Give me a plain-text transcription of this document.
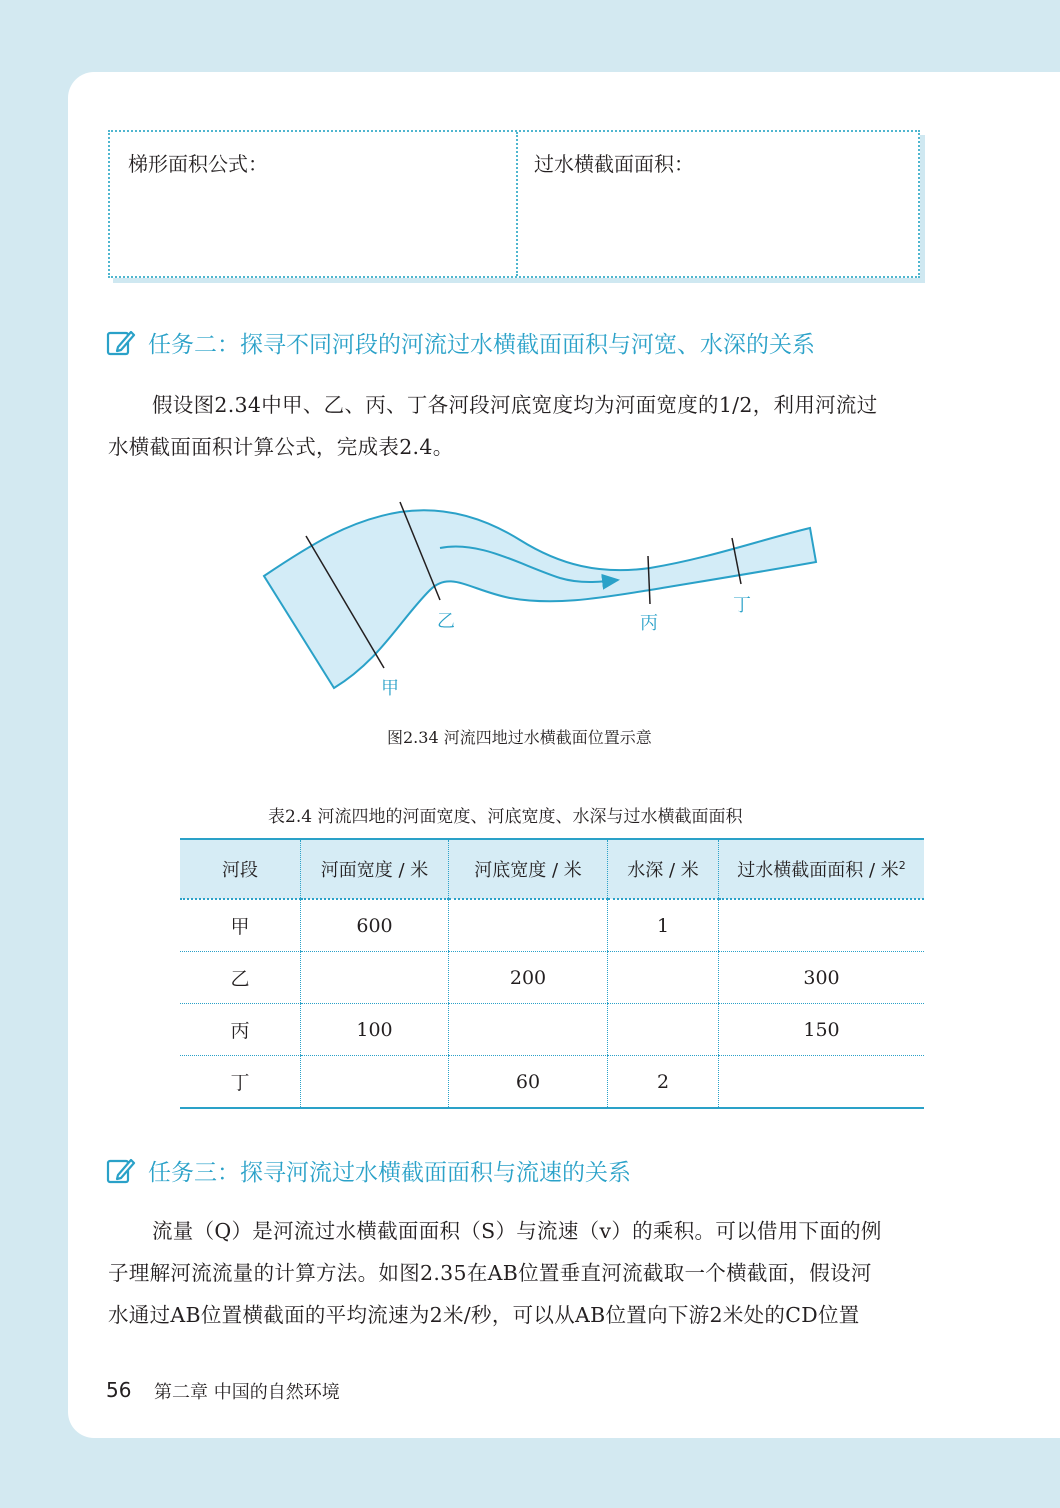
梯形面积公式：	过水横截面面积：
任务二：探寻不同河段的河流过水横截面面积与河宽、水深的关系
假设图2.34中甲、乙、丙、丁各河段河底宽度均为河面宽度的1/2，利用河流过
水横截面面积计算公式，完成表2.4。
甲
乙	丙
丁
图2.34 河流四地过水横截面位置示意
表2.4 河流四地的河面宽度、河底宽度、水深与过水横截面面积
河段	河面宽度 / 米	河底宽度 / 米	水深 / 米	过水横截面面积 / 米$^2$
甲	600		1	
乙		200		300
丙	100			150
丁		60	2	
任务三：探寻河流过水横截面面积与流速的关系
流量（Q）是河流过水横截面面积（S）与流速（v）的乘积。可以借用下面的例
子理解河流流量的计算方法。如图2.35在AB位置垂直河流截取一个横截面，假设河
水通过AB位置横截面的平均流速为2米/秒，可以从AB位置向下游2米处的CD位置
56 第二章 中国的自然环境
